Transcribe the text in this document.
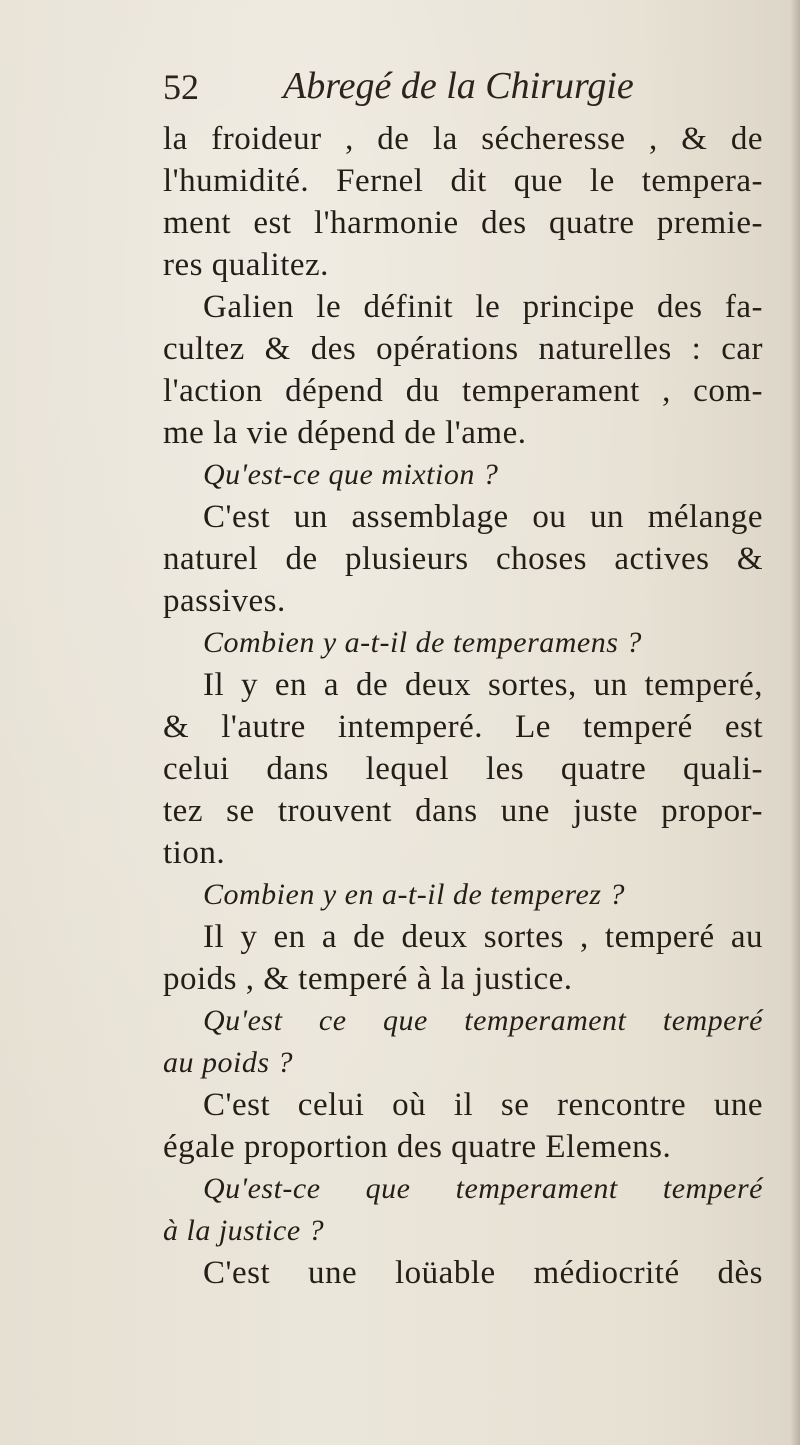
52 Abregé de la Chirurgie
la froideur , de la sécheresse , & de
l'humidité. Fernel dit que le tempera-
ment est l'harmonie des quatre premie-
res qualitez.
Galien le définit le principe des fa-
cultez & des opérations naturelles : car
l'action dépend du temperament , com-
me la vie dépend de l'ame.
Qu'est-ce que mixtion ?
C'est un assemblage ou un mélange
naturel de plusieurs choses actives &
passives.
Combien y a-t-il de temperamens ?
Il y en a de deux sortes, un temperé,
& l'autre intemperé. Le temperé est
celui dans lequel les quatre quali-
tez se trouvent dans une juste propor-
tion.
Combien y en a-t-il de temperez ?
Il y en a de deux sortes , temperé au
poids , & temperé à la justice.
Qu'est ce que temperament temperé
au poids ?
C'est celui où il se rencontre une
égale proportion des quatre Elemens.
Qu'est-ce que temperament temperé
à la justice ?
C'est une loüable médiocrité dès
